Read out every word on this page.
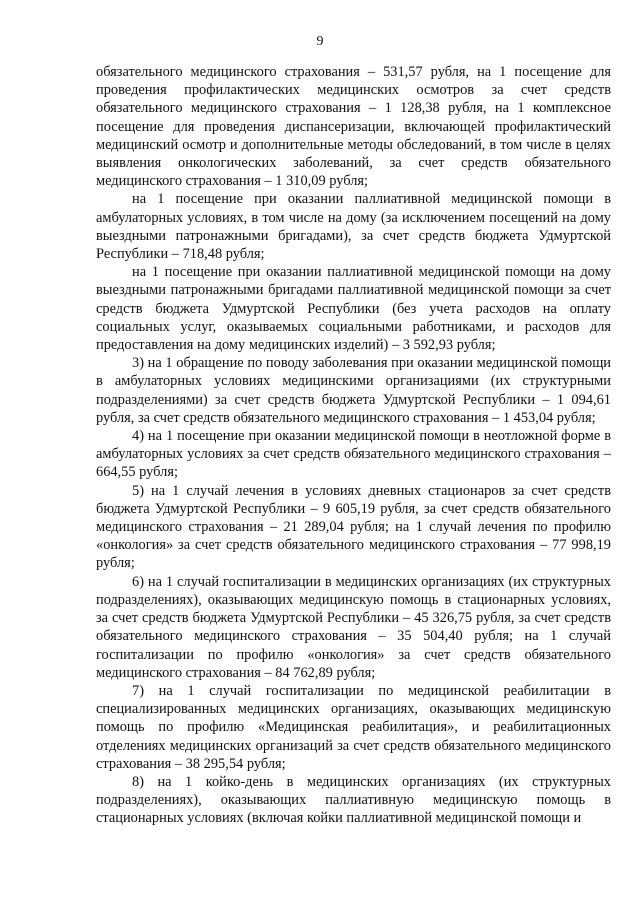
9

обязательного медицинского страхования – 531,57 рубля, на 1 посещение для проведения профилактических медицинских осмотров за счет средств обязательного медицинского страхования – 1 128,38 рубля, на 1 комплексное посещение для проведения диспансеризации, включающей профилактический медицинский осмотр и дополнительные методы обследований, в том числе в целях выявления онкологических заболеваний, за счет средств обязательного медицинского страхования – 1 310,09 рубля;

на 1 посещение при оказании паллиативной медицинской помощи в амбулаторных условиях, в том числе на дому (за исключением посещений на дому выездными патронажными бригадами), за счет средств бюджета Удмуртской Республики – 718,48 рубля;

на 1 посещение при оказании паллиативной медицинской помощи на дому выездными патронажными бригадами паллиативной медицинской помощи за счет средств бюджета Удмуртской Республики (без учета расходов на оплату социальных услуг, оказываемых социальными работниками, и расходов для предоставления на дому медицинских изделий) – 3 592,93 рубля;

3) на 1 обращение по поводу заболевания при оказании медицинской помощи в амбулаторных условиях медицинскими организациями (их структурными подразделениями) за счет средств бюджета Удмуртской Республики – 1 094,61 рубля, за счет средств обязательного медицинского страхования – 1 453,04 рубля;

4) на 1 посещение при оказании медицинской помощи в неотложной форме в амбулаторных условиях за счет средств обязательного медицинского страхования – 664,55 рубля;

5) на 1 случай лечения в условиях дневных стационаров за счет средств бюджета Удмуртской Республики – 9 605,19 рубля, за счет средств обязательного медицинского страхования – 21 289,04 рубля; на 1 случай лечения по профилю «онкология» за счет средств обязательного медицинского страхования – 77 998,19 рубля;

6) на 1 случай госпитализации в медицинских организациях (их структурных подразделениях), оказывающих медицинскую помощь в стационарных условиях, за счет средств бюджета Удмуртской Республики – 45 326,75 рубля, за счет средств обязательного медицинского страхования – 35 504,40 рубля; на 1 случай госпитализации по профилю «онкология» за счет средств обязательного медицинского страхования – 84 762,89 рубля;

7) на 1 случай госпитализации по медицинской реабилитации в специализированных медицинских организациях, оказывающих медицинскую помощь по профилю «Медицинская реабилитация», и реабилитационных отделениях медицинских организаций за счет средств обязательного медицинского страхования – 38 295,54 рубля;

8) на 1 койко-день в медицинских организациях (их структурных подразделениях), оказывающих паллиативную медицинскую помощь в стационарных условиях (включая койки паллиативной медицинской помощи и
